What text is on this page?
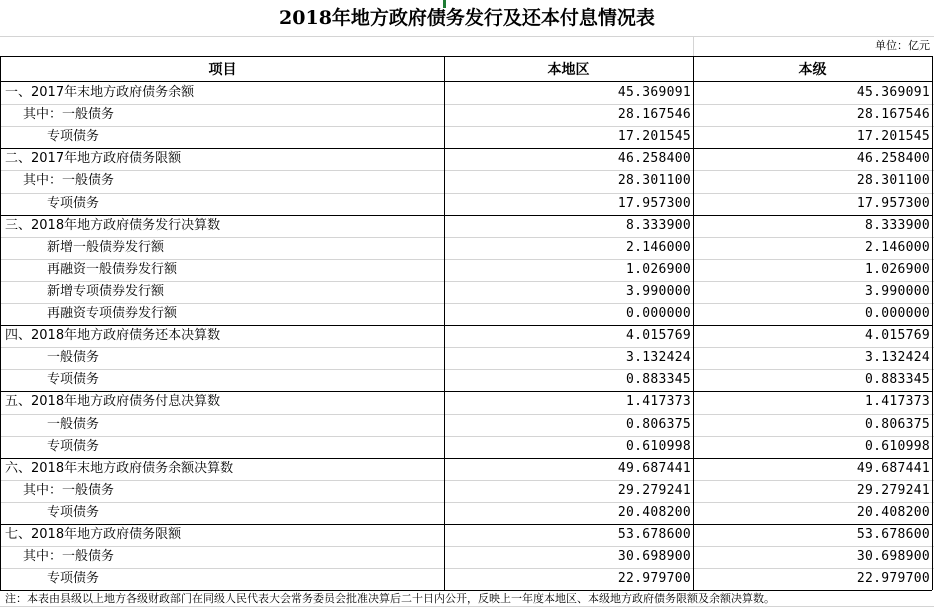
2018年地方政府债务发行及还本付息情况表
单位：亿元
项目	本地区	本级
一、2017年末地方政府债务余额	45.369091	45.369091
其中：一般债务	28.167546	28.167546
专项债务	17.201545	17.201545
二、2017年地方政府债务限额	46.258400	46.258400
其中：一般债务	28.301100	28.301100
专项债务	17.957300	17.957300
三、2018年地方政府债务发行决算数	8.333900	8.333900
新增一般债券发行额	2.146000	2.146000
再融资一般债券发行额	1.026900	1.026900
新增专项债券发行额	3.990000	3.990000
再融资专项债券发行额	0.000000	0.000000
四、2018年地方政府债务还本决算数	4.015769	4.015769
一般债务	3.132424	3.132424
专项债务	0.883345	0.883345
五、2018年地方政府债务付息决算数	1.417373	1.417373
一般债务	0.806375	0.806375
专项债务	0.610998	0.610998
六、2018年末地方政府债务余额决算数	49.687441	49.687441
其中：一般债务	29.279241	29.279241
专项债务	20.408200	20.408200
七、2018年地方政府债务限额	53.678600	53.678600
其中：一般债务	30.698900	30.698900
专项债务	22.979700	22.979700
注：本表由县级以上地方各级财政部门在同级人民代表大会常务委员会批准决算后二十日内公开，反映上一年度本地区、本级地方政府债务限额及余额决算数。
